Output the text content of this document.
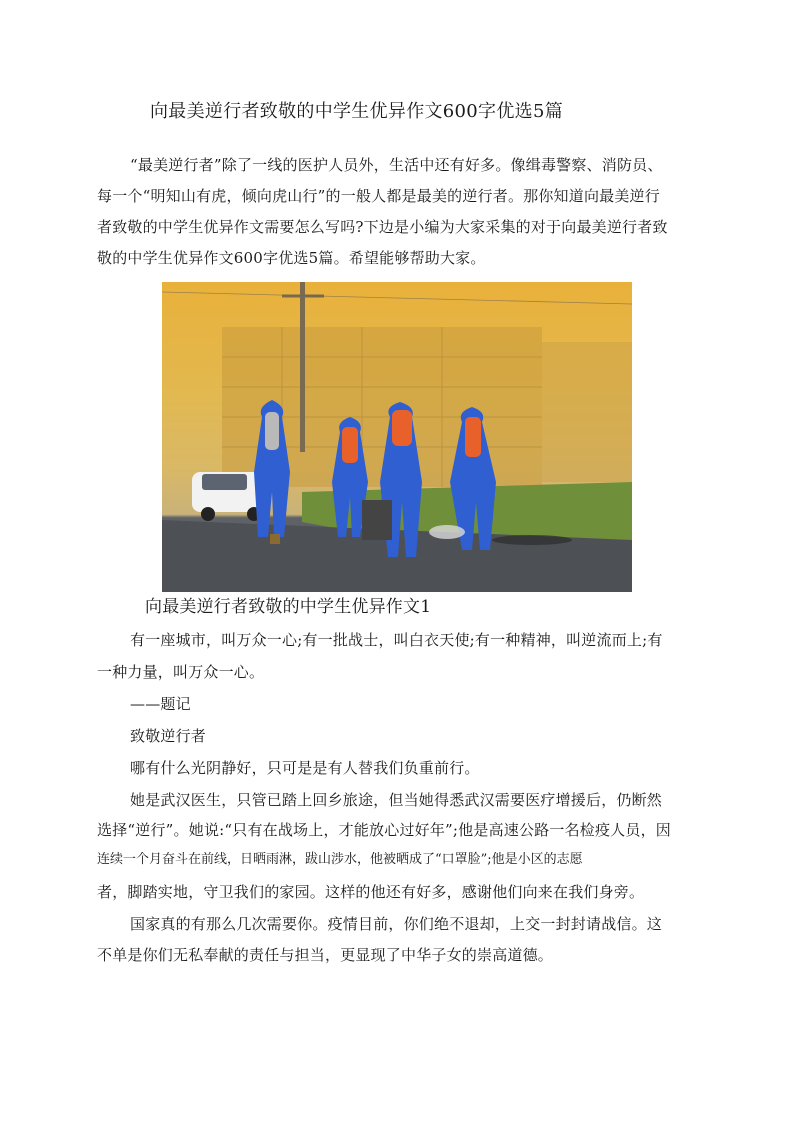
向最美逆行者致敬的中学生优异作文600字优选5篇
“最美逆行者”除了一线的医护人员外，生活中还有好多。像缉毒警察、消防员、
每一个“明知山有虎，倾向虎山行”的一般人都是最美的逆行者。那你知道向最美逆行
者致敬的中学生优异作文需要怎么写吗?下边是小编为大家采集的对于向最美逆行者致
敬的中学生优异作文600字优选5篇。希望能够帮助大家。
向最美逆行者致敬的中学生优异作文1
有一座城市，叫万众一心;有一批战士，叫白衣天使;有一种精神，叫逆流而上;有
一种力量，叫万众一心。
——题记
致敬逆行者
哪有什么光阴静好，只可是是有人替我们负重前行。
她是武汉医生，只管已踏上回乡旅途，但当她得悉武汉需要医疗增援后，仍断然
选择“逆行”。她说:“只有在战场上，才能放心过好年”;他是高速公路一名检疫人员，因
连续一个月奋斗在前线，日晒雨淋，跋山涉水，他被晒成了“口罩脸”;他是小区的志愿
者，脚踏实地，守卫我们的家园。这样的他还有好多，感谢他们向来在我们身旁。
国家真的有那么几次需要你。疫情目前，你们绝不退却，上交一封封请战信。这
不单是你们无私奉献的责任与担当，更显现了中华子女的崇高道德。
